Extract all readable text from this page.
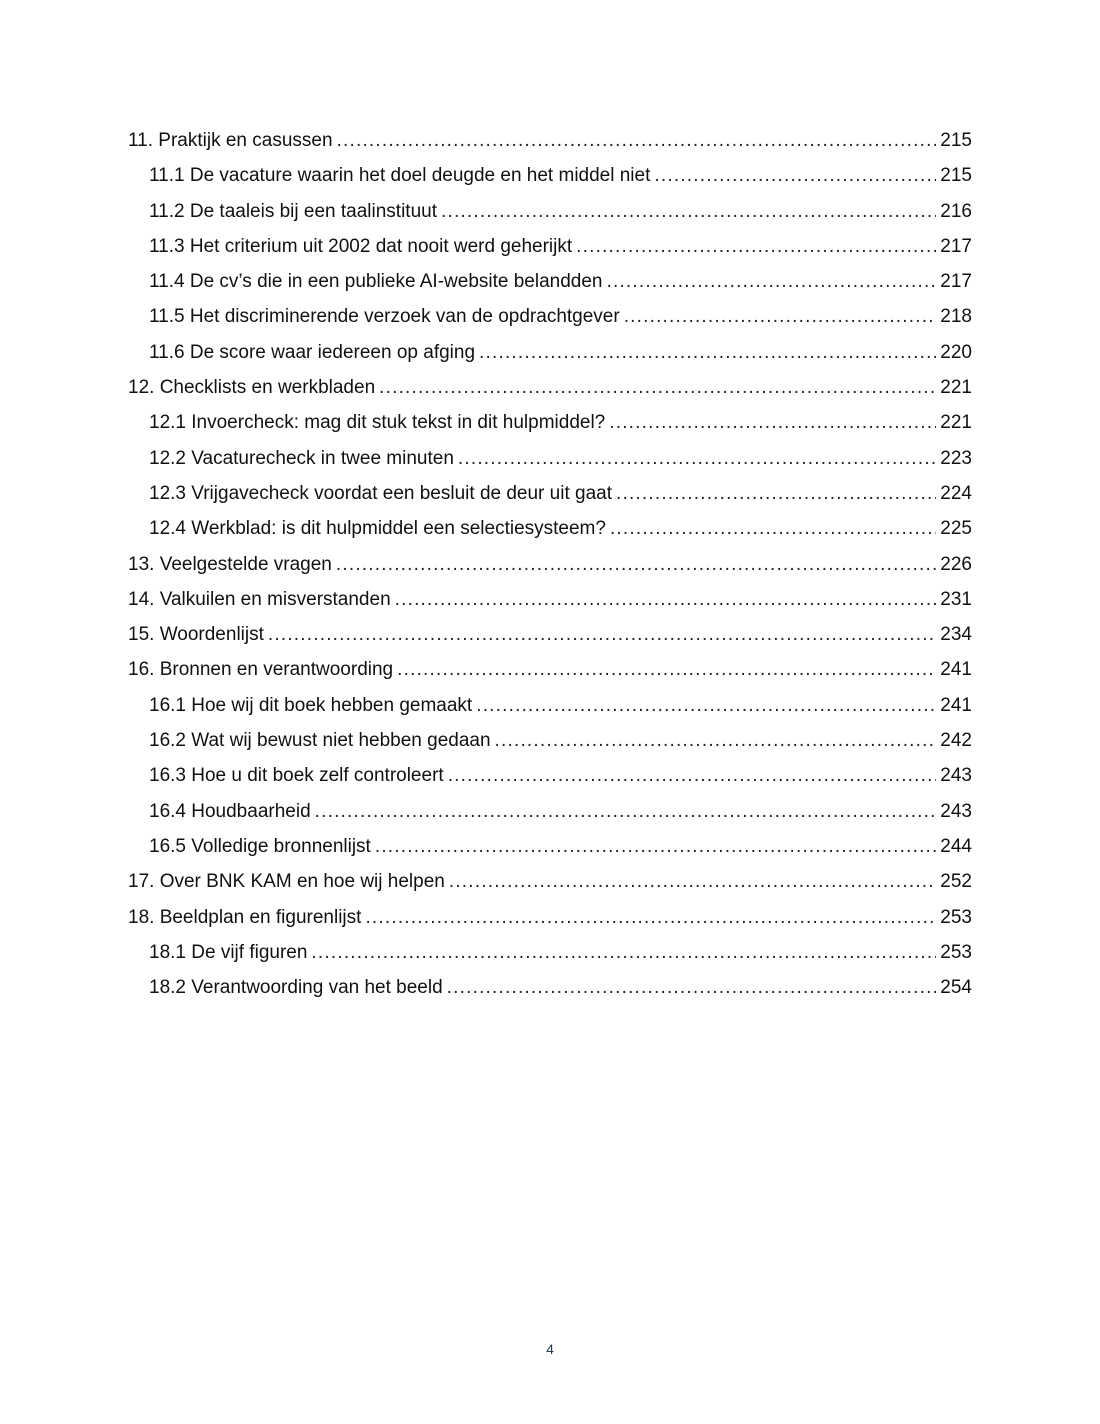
11. Praktijk en casussen .....	215
11.1 De vacature waarin het doel deugde en het middel niet .....	215
11.2 De taaleis bij een taalinstituut .....	216
11.3 Het criterium uit 2002 dat nooit werd geherijkt .....	217
11.4 De cv’s die in een publieke AI-website belandden .....	217
11.5 Het discriminerende verzoek van de opdrachtgever .....	218
11.6 De score waar iedereen op afging .....	220
12. Checklists en werkbladen .....	221
12.1 Invoercheck: mag dit stuk tekst in dit hulpmiddel? .....	221
12.2 Vacaturecheck in twee minuten .....	223
12.3 Vrijgavecheck voordat een besluit de deur uit gaat .....	224
12.4 Werkblad: is dit hulpmiddel een selectiesysteem? .....	225
13. Veelgestelde vragen .....	226
14. Valkuilen en misverstanden .....	231
15. Woordenlijst .....	234
16. Bronnen en verantwoording .....	241
16.1 Hoe wij dit boek hebben gemaakt .....	241
16.2 Wat wij bewust niet hebben gedaan .....	242
16.3 Hoe u dit boek zelf controleert .....	243
16.4 Houdbaarheid .....	243
16.5 Volledige bronnenlijst .....	244
17. Over BNK KAM en hoe wij helpen .....	252
18. Beeldplan en figurenlijst .....	253
18.1 De vijf figuren .....	253
18.2 Verantwoording van het beeld .....	254
4
